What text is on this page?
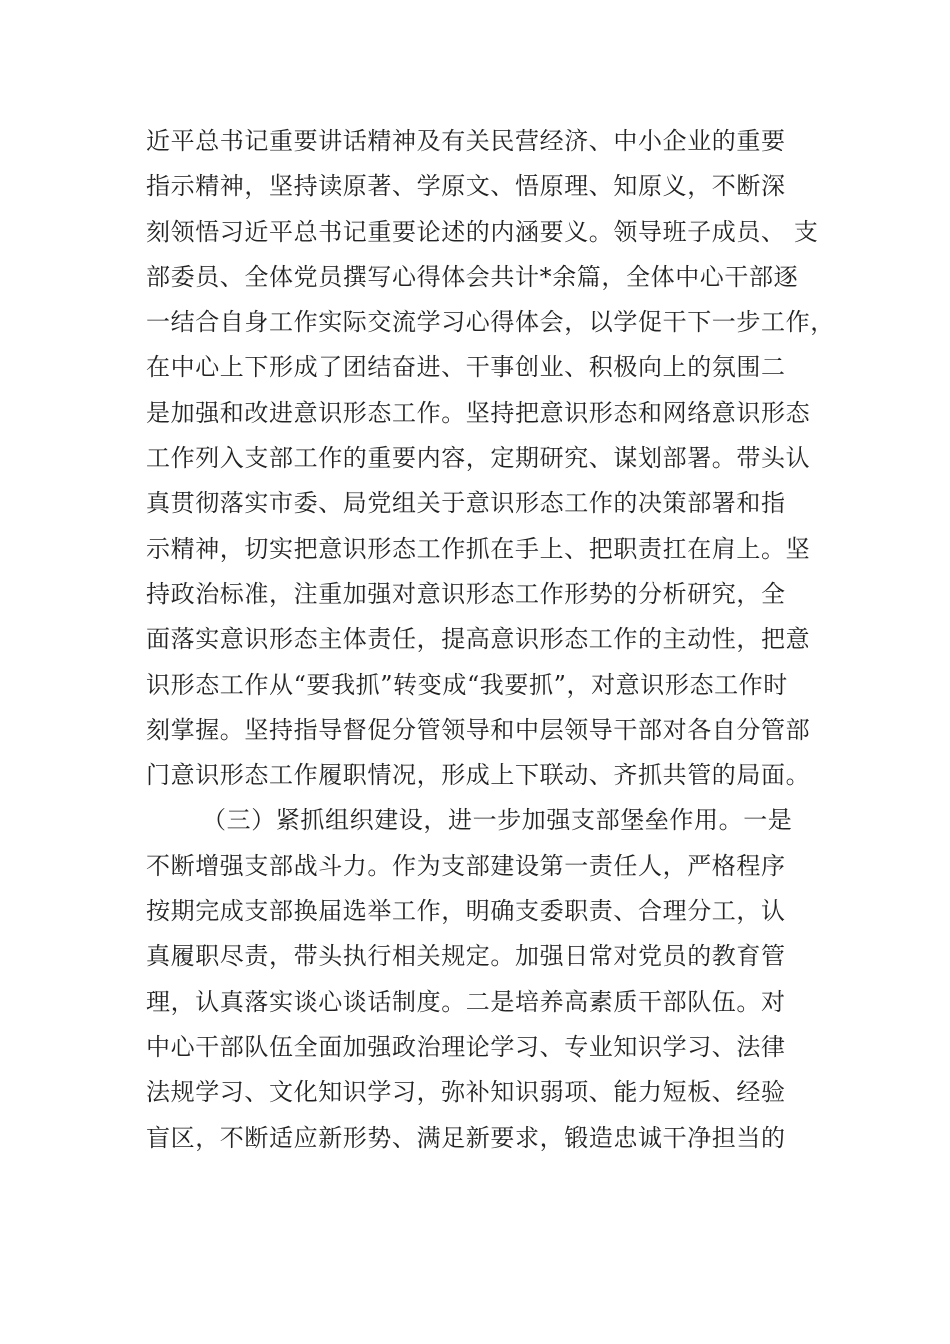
近平总书记重要讲话精神及有关民营经济、中小企业的重要
指示精神，坚持读原著、学原文、悟原理、知原义，不断深
刻领悟习近平总书记重要论述的内涵要义。领导班子成员、 支
部委员、全体党员撰写心得体会共计*余篇，全体中心干部逐
一结合自身工作实际交流学习心得体会，以学促干下一步工作，
在中心上下形成了团结奋进、干事创业、积极向上的氛围二
是加强和改进意识形态工作。坚持把意识形态和网络意识形态
工作列入支部工作的重要内容，定期研究、谋划部署。带头认
真贯彻落实市委、局党组关于意识形态工作的决策部署和指
示精神，切实把意识形态工作抓在手上、把职责扛在肩上。坚
持政治标准，注重加强对意识形态工作形势的分析研究，全
面落实意识形态主体责任，提高意识形态工作的主动性，把意
识形态工作从“要我抓”转变成“我要抓”，对意识形态工作时
刻掌握。坚持指导督促分管领导和中层领导干部对各自分管部
门意识形态工作履职情况，形成上下联动、齐抓共管的局面。
（三）紧抓组织建设，进一步加强支部堡垒作用。一是
不断增强支部战斗力。作为支部建设第一责任人，严格程序
按期完成支部换届选举工作，明确支委职责、合理分工，认
真履职尽责，带头执行相关规定。加强日常对党员的教育管
理，认真落实谈心谈话制度。二是培养高素质干部队伍。对
中心干部队伍全面加强政治理论学习、专业知识学习、法律
法规学习、文化知识学习，弥补知识弱项、能力短板、经验
盲区，不断适应新形势、满足新要求，锻造忠诚干净担当的
